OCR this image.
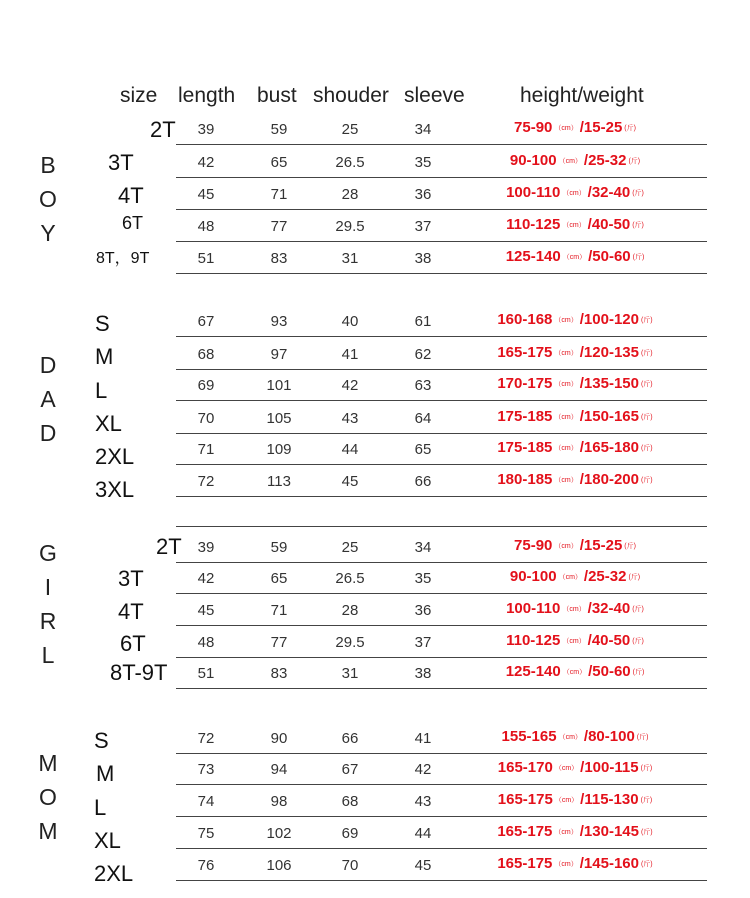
size length bust shouder sleeve	height/weight
B
O
Y
2T	39	59	25	34	75-90 （cm） /15-25 (斤)
3T	42	65	26.5	35	90-100 （cm） /25-32 (斤)
4T	45	71	28	36	100-110 （cm） /32-40 (斤)
6T	48	77	29.5	37	110-125 （cm） /40-50 (斤)
8T，9T	51	83	31	38	125-140 （cm） /50-60 (斤)
D
A
D
S	67	93	40	61	160-168 （cm） /100-120 (斤)
M	68	97	41	62	165-175 （cm） /120-135 (斤)
L	69	101	42	63	170-175 （cm） /135-150 (斤)
XL	70	105	43	64	175-185 （cm） /150-165 (斤)
2XL	71	109	44	65	175-185 （cm） /165-180 (斤)
3XL	72	113	45	66	180-185 （cm） /180-200 (斤)
G
I
R
L
2T	39	59	25	34	75-90 （cm） /15-25 (斤)
3T	42	65	26.5	35	90-100 （cm） /25-32 (斤)
4T	45	71	28	36	100-110 （cm） /32-40 (斤)
6T	48	77	29.5	37	110-125 （cm） /40-50 (斤)
8T-9T	51	83	31	38	125-140 （cm） /50-60 (斤)
M
O
M
S	72	90	66	41	155-165 （cm） /80-100 (斤)
M	73	94	67	42	165-170 （cm） /100-115 (斤)
L	74	98	68	43	165-175 （cm） /115-130 (斤)
XL	75	102	69	44	165-175 （cm） /130-145 (斤)
2XL	76	106	70	45	165-175 （cm） /145-160 (斤)
